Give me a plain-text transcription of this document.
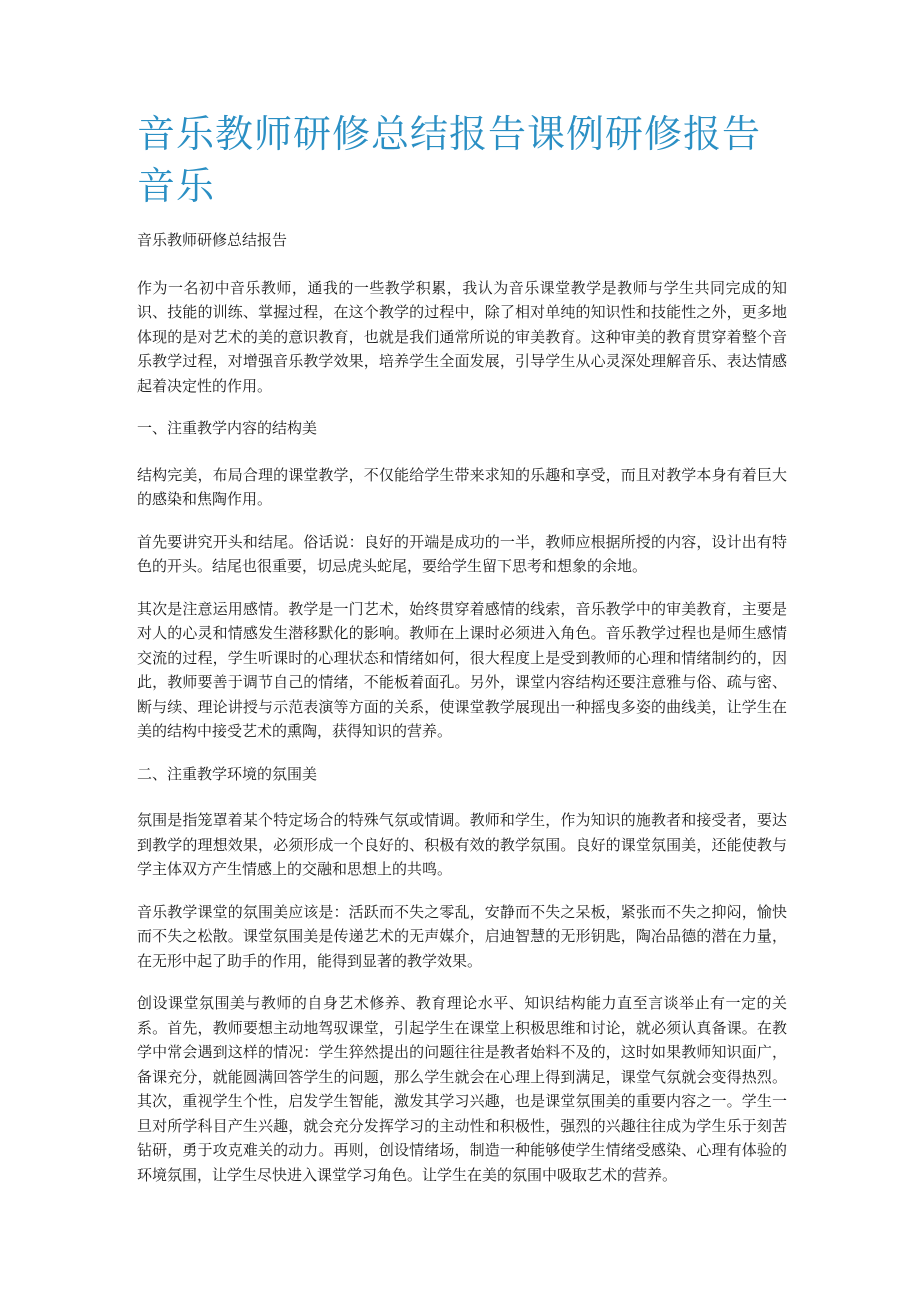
音乐教师研修总结报告课例研修报告音乐

音乐教师研修总结报告

作为一名初中音乐教师，通我的一些教学积累，我认为音乐课堂教学是教师与学生共同完成的知识、技能的训练、掌握过程，在这个教学的过程中，除了相对单纯的知识性和技能性之外，更多地体现的是对艺术的美的意识教育，也就是我们通常所说的审美教育。这种审美的教育贯穿着整个音乐教学过程，对增强音乐教学效果，培养学生全面发展，引导学生从心灵深处理解音乐、表达情感起着决定性的作用。

一、注重教学内容的结构美

结构完美，布局合理的课堂教学，不仅能给学生带来求知的乐趣和享受，而且对教学本身有着巨大的感染和焦陶作用。

首先要讲究开头和结尾。俗话说：良好的开端是成功的一半，教师应根据所授的内容，设计出有特色的开头。结尾也很重要，切忌虎头蛇尾，要给学生留下思考和想象的余地。

其次是注意运用感情。教学是一门艺术，始终贯穿着感情的线索，音乐教学中的审美教育，主要是对人的心灵和情感发生潜移默化的影响。教师在上课时必须进入角色。音乐教学过程也是师生感情交流的过程，学生听课时的心理状态和情绪如何，很大程度上是受到教师的心理和情绪制约的，因此，教师要善于调节自己的情绪，不能板着面孔。另外，课堂内容结构还要注意雅与俗、疏与密、断与续、理论讲授与示范表演等方面的关系，使课堂教学展现出一种摇曳多姿的曲线美，让学生在美的结构中接受艺术的熏陶，获得知识的营养。

二、注重教学环境的氛围美

氛围是指笼罩着某个特定场合的特殊气氛或情调。教师和学生，作为知识的施教者和接受者，要达到教学的理想效果，必须形成一个良好的、积极有效的教学氛围。良好的课堂氛围美，还能使教与学主体双方产生情感上的交融和思想上的共鸣。

音乐教学课堂的氛围美应该是：活跃而不失之零乱，安静而不失之呆板，紧张而不失之抑闷，愉快而不失之松散。课堂氛围美是传递艺术的无声媒介，启迪智慧的无形钥匙，陶冶品德的潜在力量，在无形中起了助手的作用，能得到显著的教学效果。

创设课堂氛围美与教师的自身艺术修养、教育理论水平、知识结构能力直至言谈举止有一定的关系。首先，教师要想主动地驾驭课堂，引起学生在课堂上积极思维和讨论，就必须认真备课。在教学中常会遇到这样的情况：学生猝然提出的问题往往是教者始料不及的，这时如果教师知识面广，备课充分，就能圆满回答学生的问题，那么学生就会在心理上得到满足，课堂气氛就会变得热烈。其次，重视学生个性，启发学生智能，激发其学习兴趣，也是课堂氛围美的重要内容之一。学生一旦对所学科目产生兴趣，就会充分发挥学习的主动性和积极性，强烈的兴趣往往成为学生乐于刻苦钻研，勇于攻克难关的动力。再则，创设情绪场，制造一种能够使学生情绪受感染、心理有体验的环境氛围，让学生尽快进入课堂学习角色。让学生在美的氛围中吸取艺术的营养。
